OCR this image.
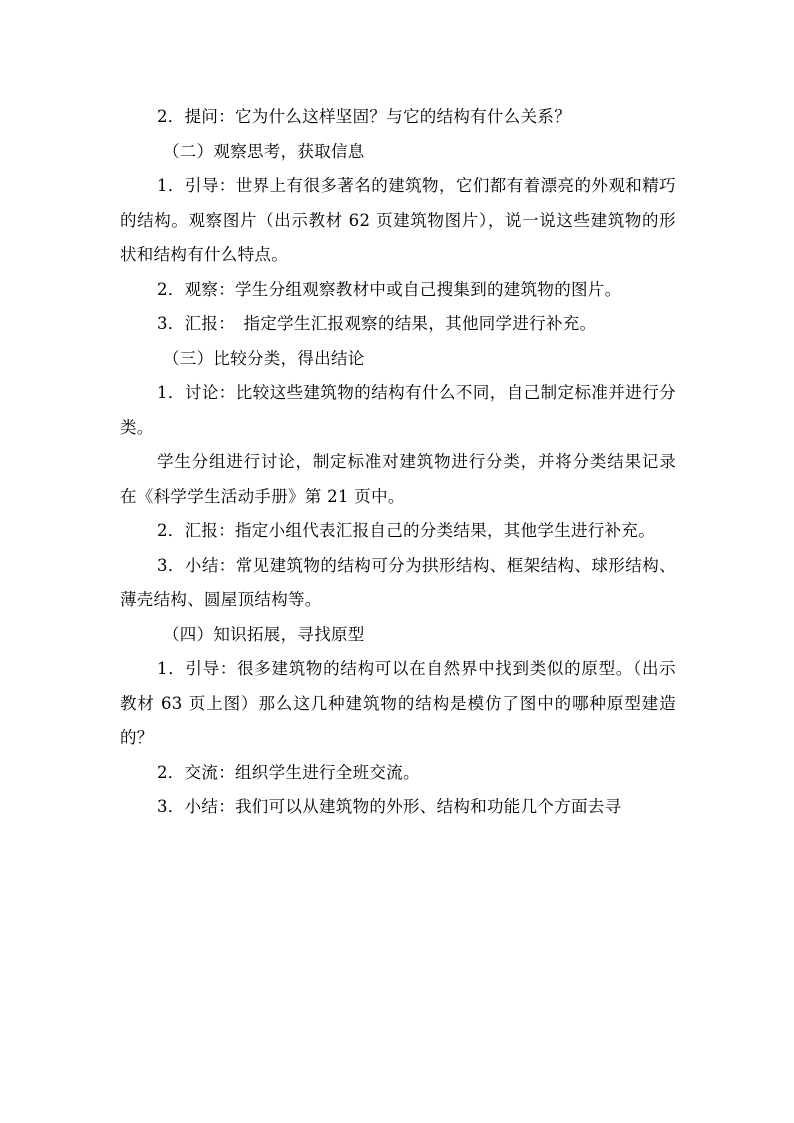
2．提问：它为什么这样坚固？与它的结构有什么关系？

（二）观察思考，获取信息

1．引导：世界上有很多著名的建筑物，它们都有着漂亮的外观和精巧的结构。观察图片（出示教材 62 页建筑物图片），说一说这些建筑物的形状和结构有什么特点。

2．观察：学生分组观察教材中或自己搜集到的建筑物的图片。

3．汇报：　指定学生汇报观察的结果，其他同学进行补充。

（三）比较分类，得出结论

1．讨论：比较这些建筑物的结构有什么不同，自己制定标准并进行分类。

学生分组进行讨论，制定标准对建筑物进行分类，并将分类结果记录在《科学学生活动手册》第 21 页中。

2．汇报：指定小组代表汇报自己的分类结果，其他学生进行补充。

3．小结：常见建筑物的结构可分为拱形结构、框架结构、球形结构、薄壳结构、圆屋顶结构等。

（四）知识拓展，寻找原型

1．引导：很多建筑物的结构可以在自然界中找到类似的原型。（出示教材 63 页上图）那么这几种建筑物的结构是模仿了图中的哪种原型建造的？

2．交流：组织学生进行全班交流。

3．小结：我们可以从建筑物的外形、结构和功能几个方面去寻
